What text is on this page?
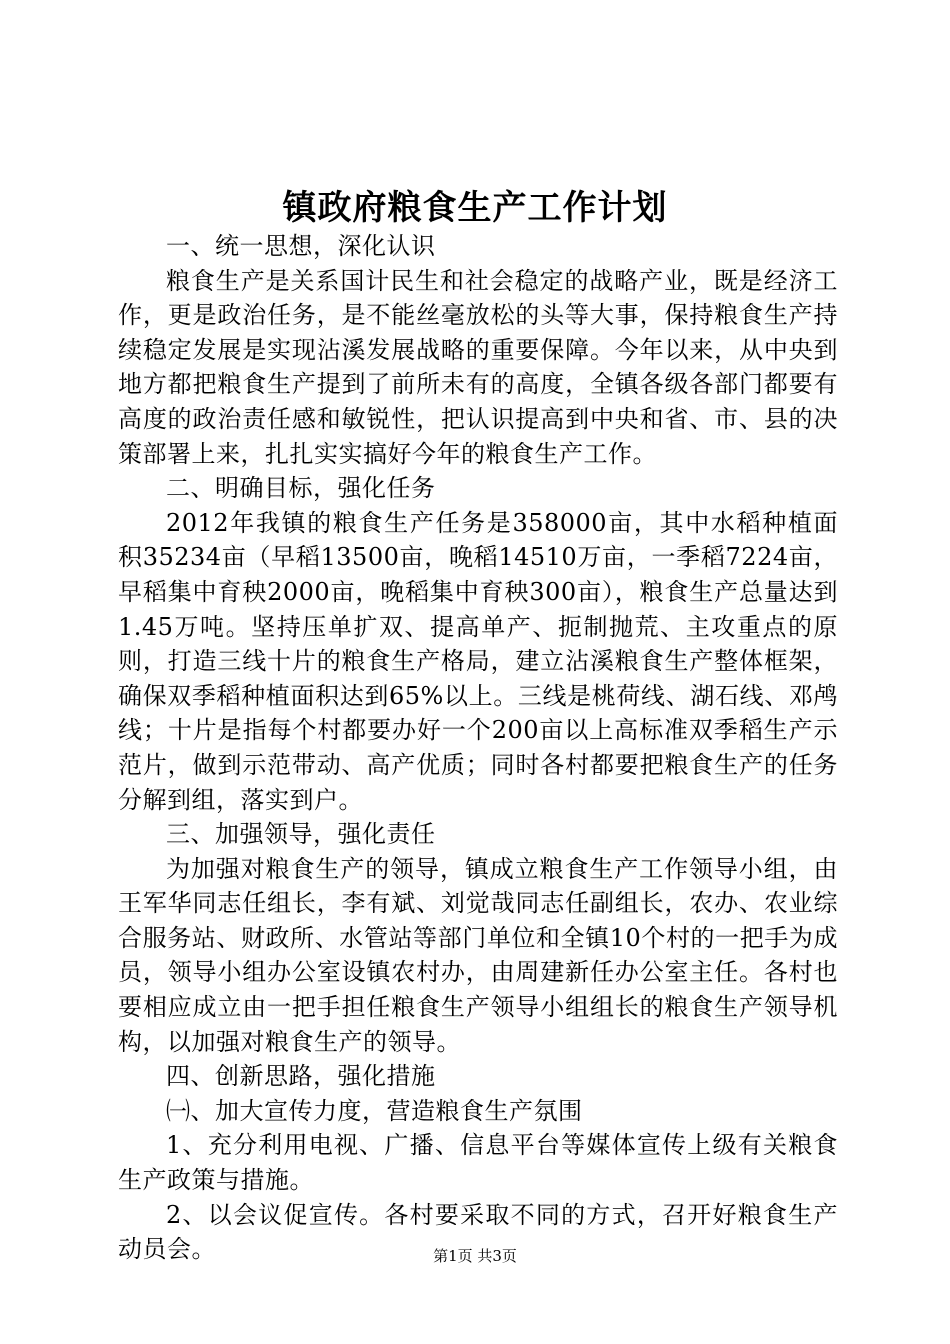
镇政府粮食生产工作计划

一、统一思想，深化认识

粮食生产是关系国计民生和社会稳定的战略产业，既是经济工作，更是政治任务，是不能丝毫放松的头等大事，保持粮食生产持续稳定发展是实现沾溪发展战略的重要保障。今年以来，从中央到地方都把粮食生产提到了前所未有的高度，全镇各级各部门都要有高度的政治责任感和敏锐性，把认识提高到中央和省、市、县的决策部署上来，扎扎实实搞好今年的粮食生产工作。

二、明确目标，强化任务

2012年我镇的粮食生产任务是358000亩，其中水稻种植面积35234亩（早稻13500亩，晚稻14510万亩，一季稻7224亩，早稻集中育秧2000亩，晚稻集中育秧300亩），粮食生产总量达到1.45万吨。坚持压单扩双、提高单产、扼制抛荒、主攻重点的原则，打造三线十片的粮食生产格局，建立沾溪粮食生产整体框架，确保双季稻种植面积达到65%以上。三线是桃荷线、湖石线、邓鸬线；十片是指每个村都要办好一个200亩以上高标准双季稻生产示范片，做到示范带动、高产优质；同时各村都要把粮食生产的任务分解到组，落实到户。

三、加强领导，强化责任

为加强对粮食生产的领导，镇成立粮食生产工作领导小组，由王军华同志任组长，李有斌、刘觉哉同志任副组长，农办、农业综合服务站、财政所、水管站等部门单位和全镇10个村的一把手为成员，领导小组办公室设镇农村办，由周建新任办公室主任。各村也要相应成立由一把手担任粮食生产领导小组组长的粮食生产领导机构，以加强对粮食生产的领导。

四、创新思路，强化措施

㈠、加大宣传力度，营造粮食生产氛围

1、充分利用电视、广播、信息平台等媒体宣传上级有关粮食生产政策与措施。

2、以会议促宣传。各村要采取不同的方式，召开好粮食生产动员会。	第1页 共3页
